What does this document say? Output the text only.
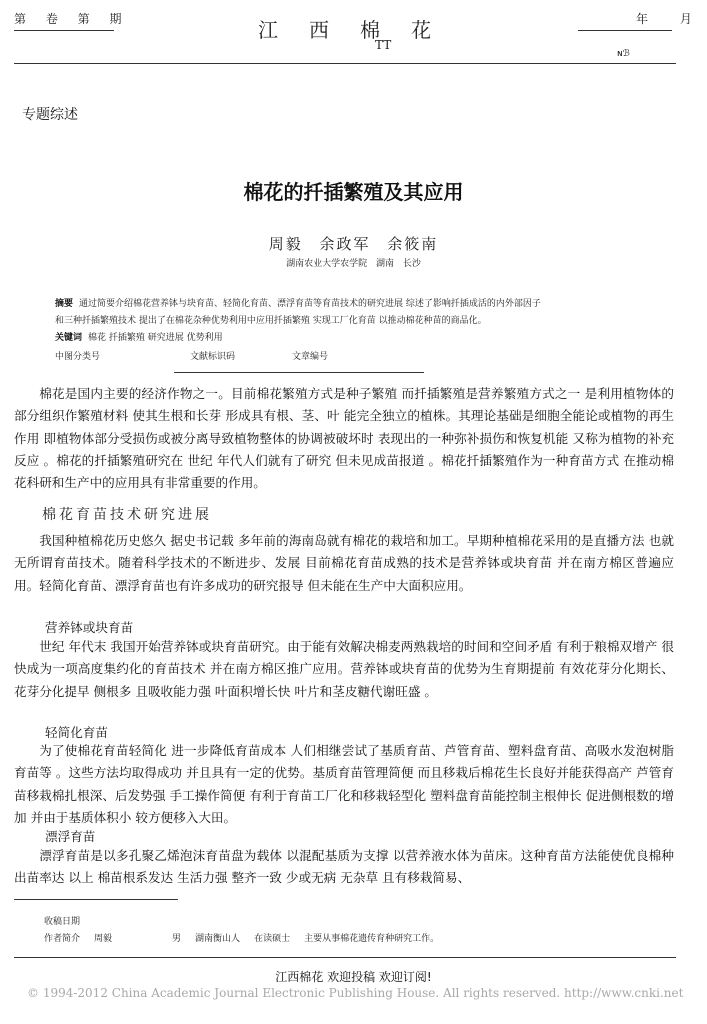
第 卷 第 期	江西棉花
TT
年 月
ɴℬ
专题综述
棉花的扦插繁殖及其应用
周毅 余政军 余筱南
湖南农业大学农学院 湖南 长沙
摘要 通过简要介绍棉花营养钵与块育苗、轻简化育苗、漂浮育苗等育苗技术的研究进展 综述了影响扦插成活的内外部因子
和三种扦插繁殖技术 提出了在棉花杂种优势利用中应用扦插繁殖 实现工厂化育苗 以推动棉花种苗的商品化。
关键词 棉花 扦插繁殖 研究进展 优势利用
中图分类号	文献标识码	文章编号
棉花是国内主要的经济作物之一。目前棉花繁殖方式是种子繁殖 而扦插繁殖是营养繁殖方式之一 是利用植物体的部分组织作繁殖材料 使其生根和长芽 形成具有根、茎、叶 能完全独立的植株。其理论基础是细胞全能论或植物的再生作用 即植物体部分受损伤或被分离导致植物整体的协调被破坏时 表现出的一种弥补损伤和恢复机能 又称为植物的补充反应 。棉花的扦插繁殖研究在 世纪 年代人们就有了研究 但未见成苗报道 。棉花扦插繁殖作为一种育苗方式 在推动棉花科研和生产中的应用具有非常重要的作用。
棉花育苗技术研究进展
我国种植棉花历史悠久 据史书记载 多年前的海南岛就有棉花的栽培和加工。早期种植棉花采用的是直播方法 也就无所谓育苗技术。随着科学技术的不断进步、发展 目前棉花育苗成熟的技术是营养钵或块育苗 并在南方棉区普遍应用。轻简化育苗、漂浮育苗也有许多成功的研究报导 但未能在生产中大面积应用。
营养钵或块育苗
世纪 年代末 我国开始营养钵或块育苗研究。由于能有效解决棉麦两熟栽培的时间和空间矛盾 有利于粮棉双增产 很快成为一项高度集约化的育苗技术 并在南方棉区推广应用。营养钵或块育苗的优势为生育期提前 有效花芽分化期长、花芽分化提早 侧根多 且吸收能力强 叶面积增长快 叶片和茎皮糖代谢旺盛 。
轻简化育苗
为了使棉花育苗轻简化 进一步降低育苗成本 人们相继尝试了基质育苗、芦管育苗、塑料盘育苗、高吸水发泡树脂育苗等 。这些方法均取得成功 并且具有一定的优势。基质育苗管理简便 而且移栽后棉花生长良好并能获得高产 芦管育苗移栽棉扎根深、后发势强 手工操作简便 有利于育苗工厂化和移栽轻型化 塑料盘育苗能控制主根伸长 促进侧根数的增加 并由于基质体积小 较方便移入大田。
漂浮育苗
漂浮育苗是以多孔聚乙烯泡沫育苗盘为载体 以混配基质为支撑 以营养液水体为苗床。这种育苗方法能使优良棉种出苗率达 以上 棉苗根系发达 生活力强 整齐一致 少或无病 无杂草 且有移栽简易、
收稿日期
作者简介 周毅	男 湖南衡山人 在读硕士 主要从事棉花遗传育种研究工作。
江西棉花 欢迎投稿 欢迎订阅!
© 1994-2012 China Academic Journal Electronic Publishing House. All rights reserved. http://www.cnki.net
